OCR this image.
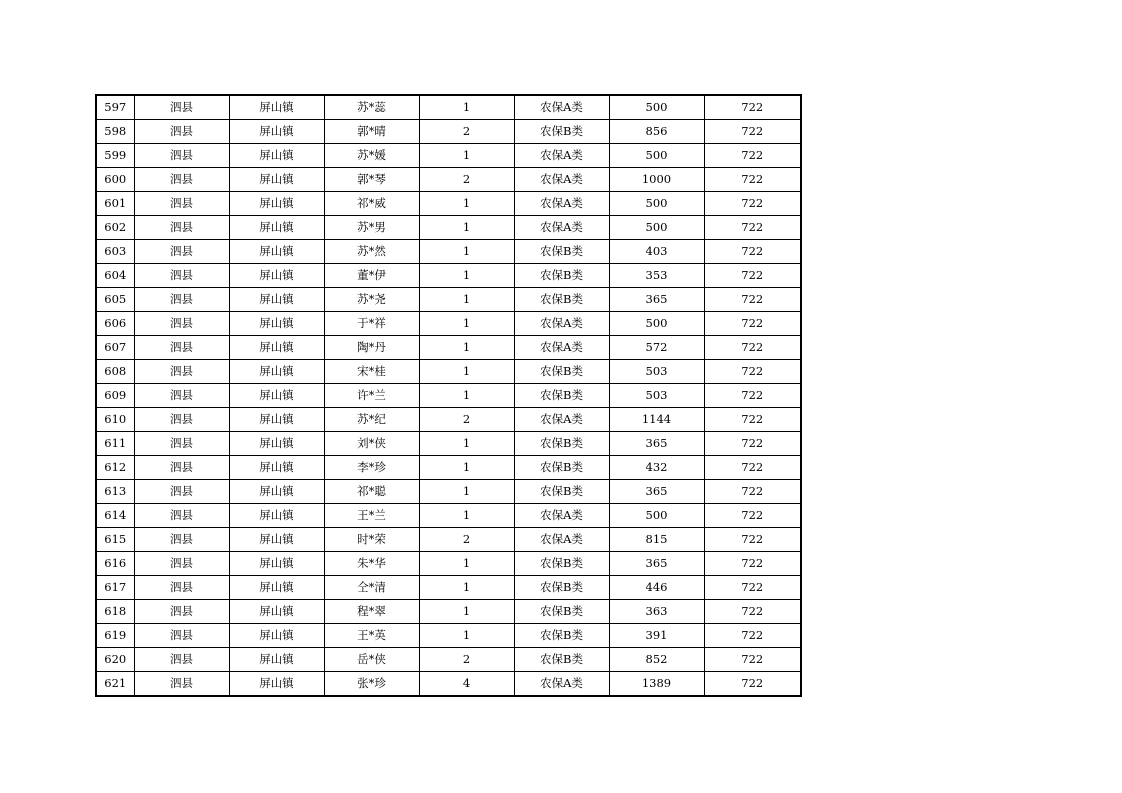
597	泗县	屏山镇	苏*蕊	1	农保A类	500	722
598	泗县	屏山镇	郭*晴	2	农保B类	856	722
599	泗县	屏山镇	苏*媛	1	农保A类	500	722
600	泗县	屏山镇	郭*琴	2	农保A类	1000	722
601	泗县	屏山镇	祁*威	1	农保A类	500	722
602	泗县	屏山镇	苏*男	1	农保A类	500	722
603	泗县	屏山镇	苏*然	1	农保B类	403	722
604	泗县	屏山镇	董*伊	1	农保B类	353	722
605	泗县	屏山镇	苏*尧	1	农保B类	365	722
606	泗县	屏山镇	于*祥	1	农保A类	500	722
607	泗县	屏山镇	陶*丹	1	农保A类	572	722
608	泗县	屏山镇	宋*桂	1	农保B类	503	722
609	泗县	屏山镇	许*兰	1	农保B类	503	722
610	泗县	屏山镇	苏*纪	2	农保A类	1144	722
611	泗县	屏山镇	刘*侠	1	农保B类	365	722
612	泗县	屏山镇	李*珍	1	农保B类	432	722
613	泗县	屏山镇	祁*聪	1	农保B类	365	722
614	泗县	屏山镇	王*兰	1	农保A类	500	722
615	泗县	屏山镇	时*荣	2	农保A类	815	722
616	泗县	屏山镇	朱*华	1	农保B类	365	722
617	泗县	屏山镇	仝*清	1	农保B类	446	722
618	泗县	屏山镇	程*翠	1	农保B类	363	722
619	泗县	屏山镇	王*英	1	农保B类	391	722
620	泗县	屏山镇	岳*侠	2	农保B类	852	722
621	泗县	屏山镇	张*珍	4	农保A类	1389	722
